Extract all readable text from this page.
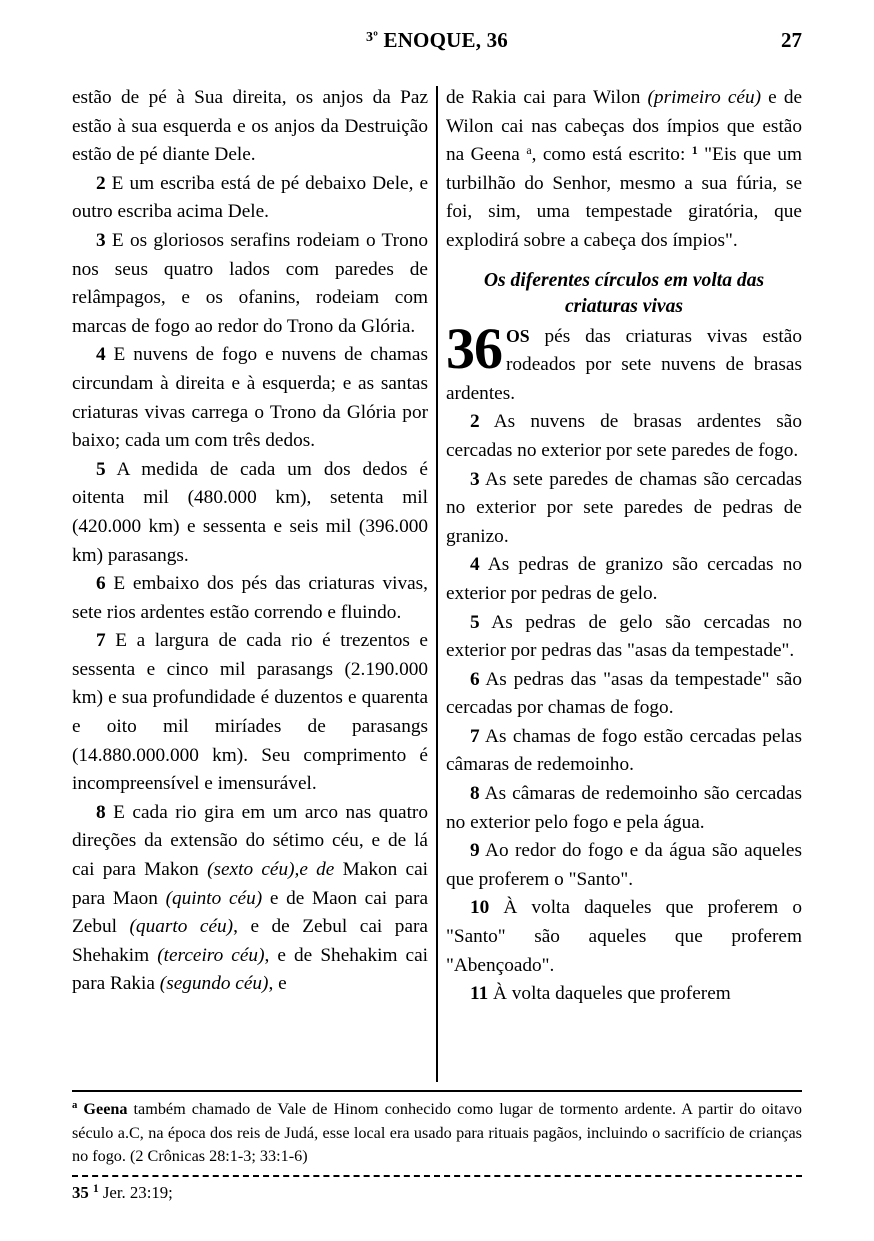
$^{3º}$ ENOQUE, 36	27

estão de pé à Sua direita, os anjos da Paz estão à sua esquerda e os anjos da Destruição estão de pé diante Dele.

2 E um escriba está de pé debaixo Dele, e outro escriba acima Dele.

3 E os gloriosos serafins rodeiam o Trono nos seus quatro lados com paredes de relâmpagos, e os ofanins, rodeiam com marcas de fogo ao redor do Trono da Glória.

4 E nuvens de fogo e nuvens de chamas circundam à direita e à esquerda; e as santas criaturas vivas carrega o Trono da Glória por baixo; cada um com três dedos.

5 A medida de cada um dos dedos é oitenta mil (480.000 km), setenta mil (420.000 km) e sessenta e seis mil (396.000 km) parasangs.

6 E embaixo dos pés das criaturas vivas, sete rios ardentes estão correndo e fluindo.

7 E a largura de cada rio é trezentos e sessenta e cinco mil parasangs (2.190.000 km) e sua profundidade é duzentos e quarenta e oito mil miríades de parasangs (14.880.000.000 km). Seu comprimento é incompreensível e imensurável.

8 E cada rio gira em um arco nas quatro direções da extensão do sétimo céu, e de lá cai para Makon (sexto céu),e de Makon cai para Maon (quinto céu) e de Maon cai para Zebul (quarto céu), e de Zebul cai para Shehakim (terceiro céu), e de Shehakim cai para Rakia (segundo céu), e

de Rakia cai para Wilon (primeiro céu) e de Wilon cai nas cabeças dos ímpios que estão na Geena $^a$, como está escrito: $^1$ "Eis que um turbilhão do Senhor, mesmo a sua fúria, se foi, sim, uma tempestade giratória, que explodirá sobre a cabeça dos ímpios".

Os diferentes círculos em volta das criaturas vivas

36 OS pés das criaturas vivas estão rodeados por sete nuvens de brasas ardentes.

2 As nuvens de brasas ardentes são cercadas no exterior por sete paredes de fogo.

3 As sete paredes de chamas são cercadas no exterior por sete paredes de pedras de granizo.

4 As pedras de granizo são cercadas no exterior por pedras de gelo.

5 As pedras de gelo são cercadas no exterior por pedras das "asas da tempestade".

6 As pedras das "asas da tempestade" são cercadas por chamas de fogo.

7 As chamas de fogo estão cercadas pelas câmaras de redemoinho.

8 As câmaras de redemoinho são cercadas no exterior pelo fogo e pela água.

9 Ao redor do fogo e da água são aqueles que proferem o "Santo".

10 À volta daqueles que proferem o "Santo" são aqueles que proferem "Abençoado".

11 À volta daqueles que proferem

$^a$ Geena também chamado de Vale de Hinom conhecido como lugar de tormento ardente. A partir do oitavo século a.C, na época dos reis de Judá, esse local era usado para rituais pagãos, incluindo o sacrifício de crianças no fogo. (2 Crônicas 28:1-3; 33:1-6)

35 $^1$ Jer. 23:19;
